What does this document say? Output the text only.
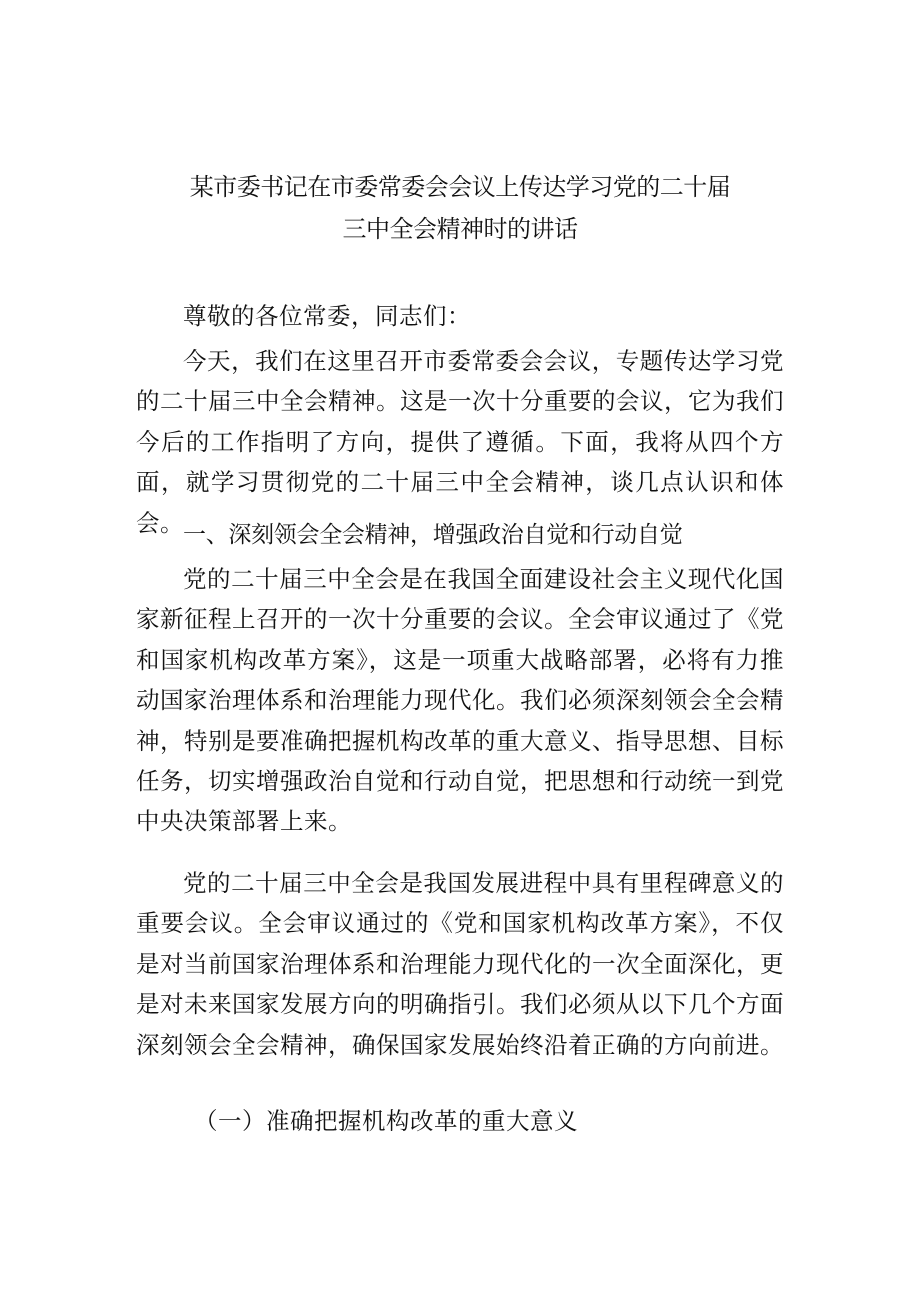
某市委书记在市委常委会会议上传达学习党的二十届
三中全会精神时的讲话

尊敬的各位常委，同志们：

今天，我们在这里召开市委常委会会议，专题传达学习党的二十届三中全会精神。这是一次十分重要的会议，它为我们今后的工作指明了方向，提供了遵循。下面，我将从四个方面，就学习贯彻党的二十届三中全会精神，谈几点认识和体会。 一、深刻领会全会精神，增强政治自觉和行动自觉

党的二十届三中全会是在我国全面建设社会主义现代化国家新征程上召开的一次十分重要的会议。全会审议通过了《党和国家机构改革方案》，这是一项重大战略部署，必将有力推动国家治理体系和治理能力现代化。我们必须深刻领会全会精神，特别是要准确把握机构改革的重大意义、指导思想、目标任务，切实增强政治自觉和行动自觉，把思想和行动统一到党中央决策部署上来。

党的二十届三中全会是我国发展进程中具有里程碑意义的重要会议。全会审议通过的《党和国家机构改革方案》，不仅是对当前国家治理体系和治理能力现代化的一次全面深化，更是对未来国家发展方向的明确指引。我们必须从以下几个方面深刻领会全会精神，确保国家发展始终沿着正确的方向前进。

（一）准确把握机构改革的重大意义
